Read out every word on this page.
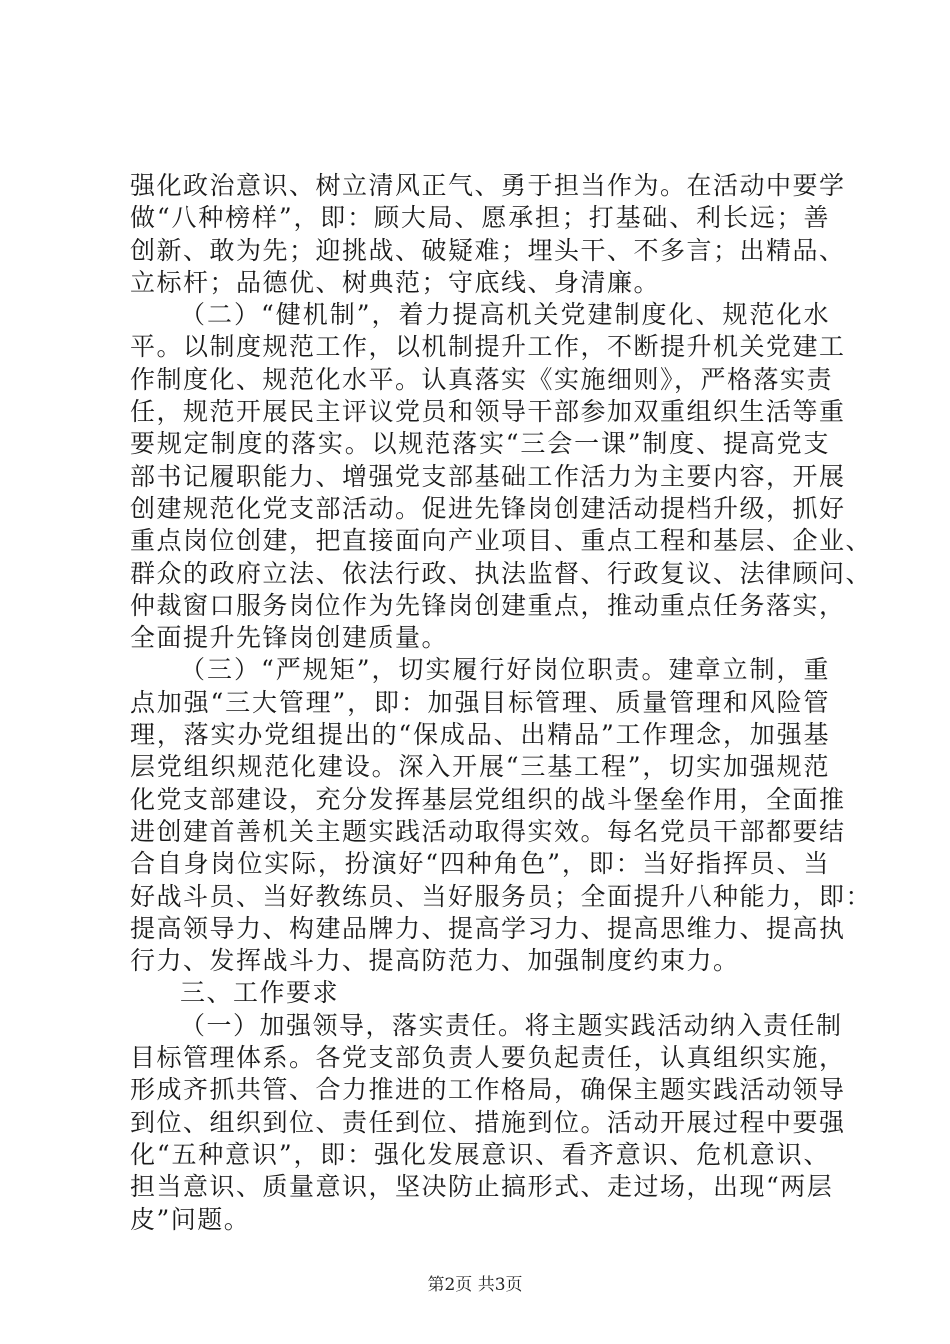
强化政治意识、树立清风正气、勇于担当作为。在活动中要学
做“八种榜样”，即：顾大局、愿承担；打基础、利长远；善
创新、敢为先；迎挑战、破疑难；埋头干、不多言；出精品、
立标杆；品德优、树典范；守底线、身清廉。
（二）“健机制”，着力提高机关党建制度化、规范化水
平。以制度规范工作，以机制提升工作，不断提升机关党建工
作制度化、规范化水平。认真落实《实施细则》，严格落实责
任，规范开展民主评议党员和领导干部参加双重组织生活等重
要规定制度的落实。以规范落实“三会一课”制度、提高党支
部书记履职能力、增强党支部基础工作活力为主要内容，开展
创建规范化党支部活动。促进先锋岗创建活动提档升级，抓好
重点岗位创建，把直接面向产业项目、重点工程和基层、企业、
群众的政府立法、依法行政、执法监督、行政复议、法律顾问、
仲裁窗口服务岗位作为先锋岗创建重点，推动重点任务落实，
全面提升先锋岗创建质量。
（三）“严规矩”，切实履行好岗位职责。建章立制，重
点加强“三大管理”，即：加强目标管理、质量管理和风险管
理，落实办党组提出的“保成品、出精品”工作理念，加强基
层党组织规范化建设。深入开展“三基工程”，切实加强规范
化党支部建设，充分发挥基层党组织的战斗堡垒作用，全面推
进创建首善机关主题实践活动取得实效。每名党员干部都要结
合自身岗位实际，扮演好“四种角色”，即：当好指挥员、当
好战斗员、当好教练员、当好服务员；全面提升八种能力，即：
提高领导力、构建品牌力、提高学习力、提高思维力、提高执
行力、发挥战斗力、提高防范力、加强制度约束力。
三、工作要求
（一）加强领导，落实责任。将主题实践活动纳入责任制
目标管理体系。各党支部负责人要负起责任，认真组织实施，
形成齐抓共管、合力推进的工作格局，确保主题实践活动领导
到位、组织到位、责任到位、措施到位。活动开展过程中要强
化“五种意识”，即：强化发展意识、看齐意识、危机意识、
担当意识、质量意识，坚决防止搞形式、走过场，出现“两层
皮”问题。
第2页 共3页
